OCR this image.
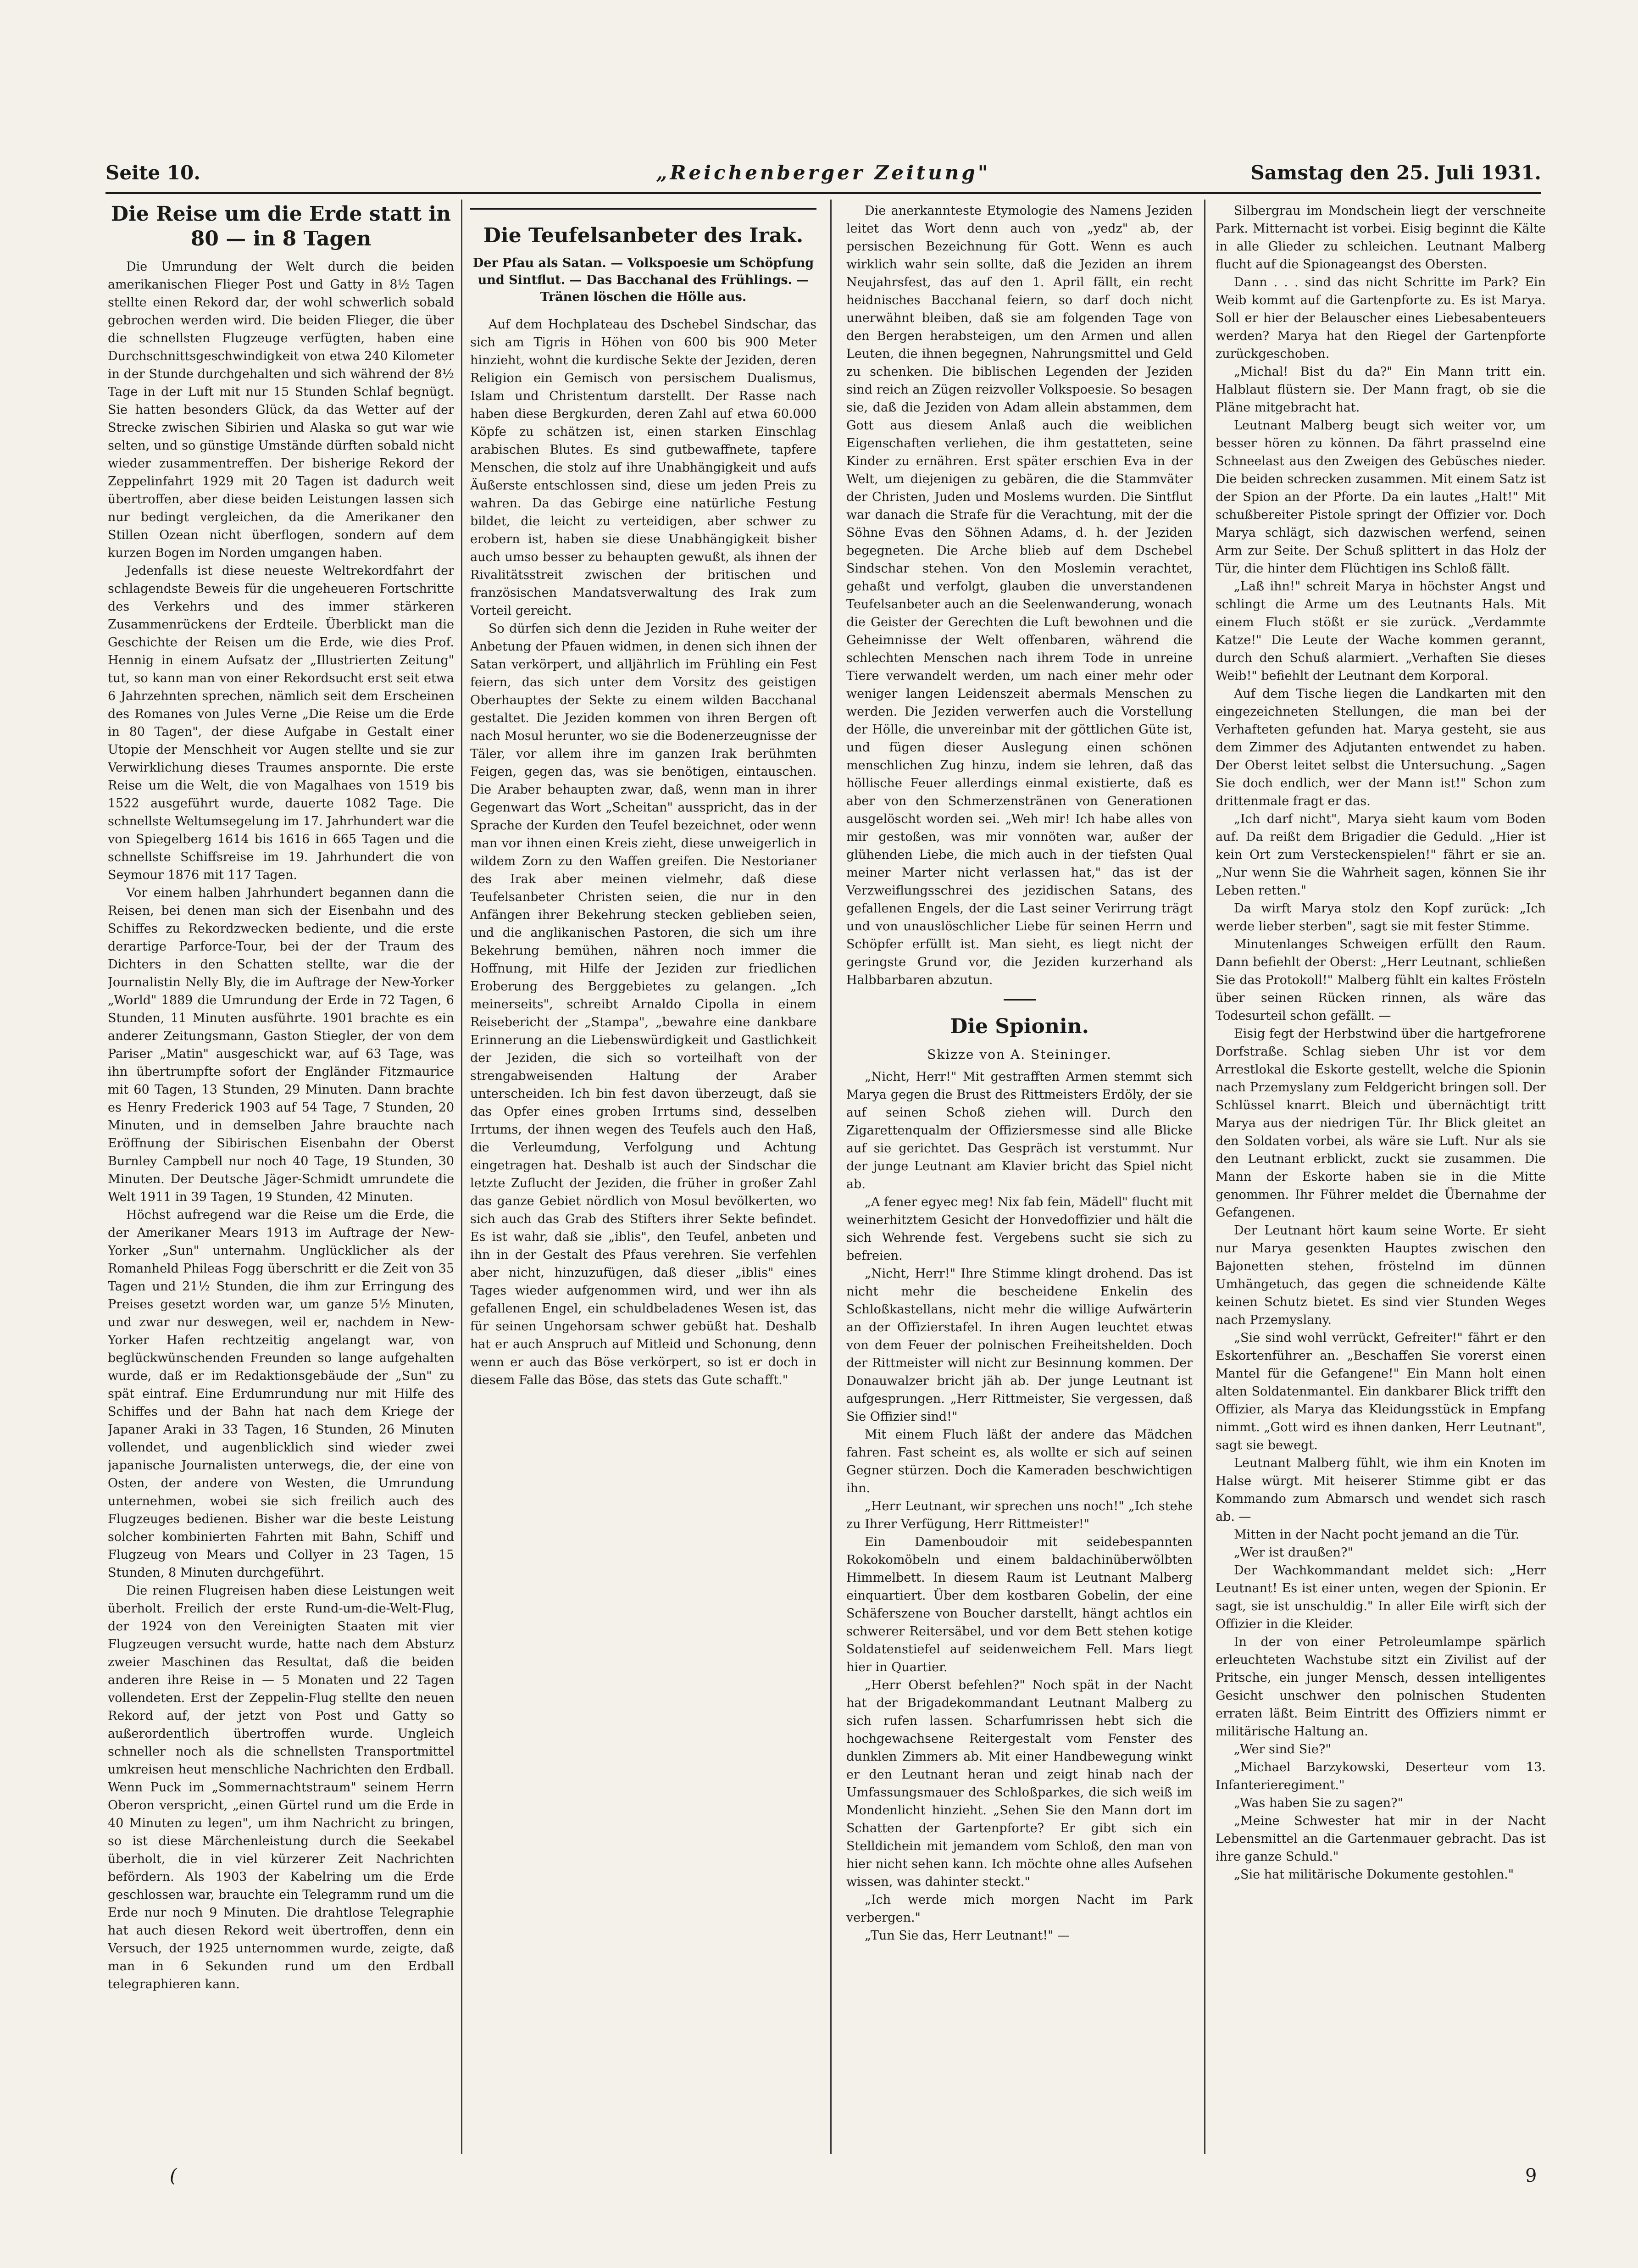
Seite 10.	„Reichenberger Zeitung"	Samstag den 25. Juli 1931.
Die Reise um die Erde statt in 80 — in 8 Tagen

Die Umrundung der Welt durch die beiden amerikanischen Flieger Post und Gatty in 8½ Tagen stellte einen Rekord dar, der wohl schwerlich sobald gebrochen werden wird. Die beiden Flieger, die über die schnellsten Flugzeuge verfügten, haben eine Durchschnittsgeschwindigkeit von etwa 240 Kilometer in der Stunde durchgehalten und sich während der 8½ Tage in der Luft mit nur 15 Stunden Schlaf begnügt. Sie hatten besonders Glück, da das Wetter auf der Strecke zwischen Sibirien und Alaska so gut war wie selten, und so günstige Umstände dürften sobald nicht wieder zusammentreffen. Der bisherige Rekord der Zeppelinfahrt 1929 mit 20 Tagen ist dadurch weit übertroffen, aber diese beiden Leistungen lassen sich nur bedingt vergleichen, da die Amerikaner den Stillen Ozean nicht überflogen, sondern auf dem kurzen Bogen im Norden umgangen haben.

Jedenfalls ist diese neueste Weltrekordfahrt der schlagendste Beweis für die ungeheueren Fortschritte des Verkehrs und des immer stärkeren Zusammenrückens der Erdteile. Überblickt man die Geschichte der Reisen um die Erde, wie dies Prof. Hennig in einem Aufsatz der „Illustrierten Zeitung" tut, so kann man von einer Rekordsucht erst seit etwa 6 Jahrzehnten sprechen, nämlich seit dem Erscheinen des Romanes von Jules Verne „Die Reise um die Erde in 80 Tagen", der diese Aufgabe in Gestalt einer Utopie der Menschheit vor Augen stellte und sie zur Verwirklichung dieses Traumes anspornte. Die erste Reise um die Welt, die von Magalhaes von 1519 bis 1522 ausgeführt wurde, dauerte 1082 Tage. Die schnellste Weltumsegelung im 17. Jahrhundert war die von Spiegelberg 1614 bis 1616 in 665 Tagen und die schnellste Schiffsreise im 19. Jahrhundert die von Seymour 1876 mit 117 Tagen.

Vor einem halben Jahrhundert begannen dann die Reisen, bei denen man sich der Eisenbahn und des Schiffes zu Rekordzwecken bediente, und die erste derartige Parforce-Tour, bei der der Traum des Dichters in den Schatten stellte, war die der Journalistin Nelly Bly, die im Auftrage der New-Yorker „World" 1889 die Umrundung der Erde in 72 Tagen, 6 Stunden, 11 Minuten ausführte. 1901 brachte es ein anderer Zeitungsmann, Gaston Stiegler, der von dem Pariser „Matin" ausgeschickt war, auf 63 Tage, was ihn übertrumpfte sofort der Engländer Fitzmaurice mit 60 Tagen, 13 Stunden, 29 Minuten. Dann brachte es Henry Frederick 1903 auf 54 Tage, 7 Stunden, 20 Minuten, und in demselben Jahre brauchte nach Eröffnung der Sibirischen Eisenbahn der Oberst Burnley Campbell nur noch 40 Tage, 19 Stunden, 30 Minuten. Der Deutsche Jäger-Schmidt umrundete die Welt 1911 in 39 Tagen, 19 Stunden, 42 Minuten.

Höchst aufregend war die Reise um die Erde, die der Amerikaner Mears 1913 im Auftrage der New-Yorker „Sun" unternahm. Unglücklicher als der Romanheld Phileas Fogg überschritt er die Zeit von 35 Tagen und 21½ Stunden, die ihm zur Erringung des Preises gesetzt worden war, um ganze 5½ Minuten, und zwar nur deswegen, weil er, nachdem in New-Yorker Hafen rechtzeitig angelangt war, von beglückwünschenden Freunden so lange aufgehalten wurde, daß er im Redaktionsgebäude der „Sun" zu spät eintraf. Eine Erdumrundung nur mit Hilfe des Schiffes und der Bahn hat nach dem Kriege der Japaner Araki in 33 Tagen, 16 Stunden, 26 Minuten vollendet, und augenblicklich sind wieder zwei japanische Journalisten unterwegs, die, der eine von Osten, der andere von Westen, die Umrundung unternehmen, wobei sie sich freilich auch des Flugzeuges bedienen. Bisher war die beste Leistung solcher kombinierten Fahrten mit Bahn, Schiff und Flugzeug von Mears und Collyer in 23 Tagen, 15 Stunden, 8 Minuten durchgeführt.

Die reinen Flugreisen haben diese Leistungen weit überholt. Freilich der erste Rund-um-die-Welt-Flug, der 1924 von den Vereinigten Staaten mit vier Flugzeugen versucht wurde, hatte nach dem Absturz zweier Maschinen das Resultat, daß die beiden anderen ihre Reise in — 5 Monaten und 22 Tagen vollendeten. Erst der Zeppelin-Flug stellte den neuen Rekord auf, der jetzt von Post und Gatty so außerordentlich übertroffen wurde. Ungleich schneller noch als die schnellsten Transportmittel umkreisen heut menschliche Nachrichten den Erdball. Wenn Puck im „Sommernachtstraum" seinem Herrn Oberon verspricht, „einen Gürtel rund um die Erde in 40 Minuten zu legen", um ihm Nachricht zu bringen, so ist diese Märchenleistung durch die Seekabel überholt, die in viel kürzerer Zeit Nachrichten befördern. Als 1903 der Kabelring um die Erde geschlossen war, brauchte ein Telegramm rund um die Erde nur noch 9 Minuten. Die drahtlose Telegraphie hat auch diesen Rekord weit übertroffen, denn ein Versuch, der 1925 unternommen wurde, zeigte, daß man in 6 Sekunden rund um den Erdball telegraphieren kann.

Die Teufelsanbeter des Irak.
Der Pfau als Satan. — Volkspoesie um Schöpfung und Sintflut. — Das Bacchanal des Frühlings. — Tränen löschen die Hölle aus.

Auf dem Hochplateau des Dschebel Sindschar, das sich am Tigris in Höhen von 600 bis 900 Meter hinzieht, wohnt die kurdische Sekte der Jeziden, deren Religion ein Gemisch von persischem Dualismus, Islam und Christentum darstellt. Der Rasse nach haben diese Bergkurden, deren Zahl auf etwa 60.000 Köpfe zu schätzen ist, einen starken Einschlag arabischen Blutes. Es sind gutbewaffnete, tapfere Menschen, die stolz auf ihre Unabhängigkeit und aufs Äußerste entschlossen sind, diese um jeden Preis zu wahren. Da das Gebirge eine natürliche Festung bildet, die leicht zu verteidigen, aber schwer zu erobern ist, haben sie diese Unabhängigkeit bisher auch umso besser zu behaupten gewußt, als ihnen der Rivalitätsstreit zwischen der britischen und französischen Mandatsverwaltung des Irak zum Vorteil gereicht.

So dürfen sich denn die Jeziden in Ruhe weiter der Anbetung der Pfauen widmen, in denen sich ihnen der Satan verkörpert, und alljährlich im Frühling ein Fest feiern, das sich unter dem Vorsitz des geistigen Oberhauptes der Sekte zu einem wilden Bacchanal gestaltet. Die Jeziden kommen von ihren Bergen oft nach Mosul herunter, wo sie die Bodenerzeugnisse der Täler, vor allem ihre im ganzen Irak berühmten Feigen, gegen das, was sie benötigen, eintauschen. Die Araber behaupten zwar, daß, wenn man in ihrer Gegenwart das Wort „Scheitan" ausspricht, das in der Sprache der Kurden den Teufel bezeichnet, oder wenn man vor ihnen einen Kreis zieht, diese unweigerlich in wildem Zorn zu den Waffen greifen. Die Nestorianer des Irak aber meinen vielmehr, daß diese Teufelsanbeter Christen seien, die nur in den Anfängen ihrer Bekehrung stecken geblieben seien, und die anglikanischen Pastoren, die sich um ihre Bekehrung bemühen, nähren noch immer die Hoffnung, mit Hilfe der Jeziden zur friedlichen Eroberung des Berggebietes zu gelangen. „Ich meinerseits", schreibt Arnaldo Cipolla in einem Reisebericht der „Stampa", „bewahre eine dankbare Erinnerung an die Liebenswürdigkeit und Gastlichkeit der Jeziden, die sich so vorteilhaft von der strengabweisenden Haltung der Araber unterscheiden. Ich bin fest davon überzeugt, daß sie das Opfer eines groben Irrtums sind, desselben Irrtums, der ihnen wegen des Teufels auch den Haß, die Verleumdung, Verfolgung und Achtung eingetragen hat. Deshalb ist auch der Sindschar die letzte Zuflucht der Jeziden, die früher in großer Zahl das ganze Gebiet nördlich von Mosul bevölkerten, wo sich auch das Grab des Stifters ihrer Sekte befindet. Es ist wahr, daß sie „iblis", den Teufel, anbeten und ihn in der Gestalt des Pfaus verehren. Sie verfehlen aber nicht, hinzuzufügen, daß dieser „iblis" eines Tages wieder aufgenommen wird, und wer ihn als gefallenen Engel, ein schuldbeladenes Wesen ist, das für seinen Ungehorsam schwer gebüßt hat. Deshalb hat er auch Anspruch auf Mitleid und Schonung, denn wenn er auch das Böse verkörpert, so ist er doch in diesem Falle das Böse, das stets das Gute schafft."

Die anerkannteste Etymologie des Namens Jeziden leitet das Wort denn auch von „yedz" ab, der persischen Bezeichnung für Gott. Wenn es auch wirklich wahr sein sollte, daß die Jeziden an ihrem Neujahrsfest, das auf den 1. April fällt, ein recht heidnisches Bacchanal feiern, so darf doch nicht unerwähnt bleiben, daß sie am folgenden Tage von den Bergen herabsteigen, um den Armen und allen Leuten, die ihnen begegnen, Nahrungsmittel und Geld zu schenken. Die biblischen Legenden der Jeziden sind reich an Zügen reizvoller Volkspoesie. So besagen sie, daß die Jeziden von Adam allein abstammen, dem Gott aus diesem Anlaß auch die weiblichen Eigenschaften verliehen, die ihm gestatteten, seine Kinder zu ernähren. Erst später erschien Eva in der Welt, um diejenigen zu gebären, die die Stammväter der Christen, Juden und Moslems wurden. Die Sintflut war danach die Strafe für die Verachtung, mit der die Söhne Evas den Söhnen Adams, d. h. der Jeziden begegneten. Die Arche blieb auf dem Dschebel Sindschar stehen. Von den Moslemin verachtet, gehaßt und verfolgt, glauben die unverstandenen Teufelsanbeter auch an die Seelenwanderung, wonach die Geister der Gerechten die Luft bewohnen und die Geheimnisse der Welt offenbaren, während die schlechten Menschen nach ihrem Tode in unreine Tiere verwandelt werden, um nach einer mehr oder weniger langen Leidenszeit abermals Menschen zu werden. Die Jeziden verwerfen auch die Vorstellung der Hölle, die unvereinbar mit der göttlichen Güte ist, und fügen dieser Auslegung einen schönen menschlichen Zug hinzu, indem sie lehren, daß das höllische Feuer allerdings einmal existierte, daß es aber von den Schmerzenstränen von Generationen ausgelöscht worden sei. „Weh mir! Ich habe alles von mir gestoßen, was mir vonnöten war, außer der glühenden Liebe, die mich auch in der tiefsten Qual meiner Marter nicht verlassen hat," das ist der Verzweiflungsschrei des jezidischen Satans, des gefallenen Engels, der die Last seiner Verirrung trägt und von unauslöschlicher Liebe für seinen Herrn und Schöpfer erfüllt ist. Man sieht, es liegt nicht der geringste Grund vor, die Jeziden kurzerhand als Halbbarbaren abzutun.

Die Spionin.
Skizze von A. Steininger.

„Nicht, Herr!" Mit gestrafften Armen stemmt sich Marya gegen die Brust des Rittmeisters Erdöly, der sie auf seinen Schoß ziehen will. Durch den Zigarettenqualm der Offiziersmesse sind alle Blicke auf sie gerichtet. Das Gespräch ist verstummt. Nur der junge Leutnant am Klavier bricht das Spiel nicht ab.

„A fener egyec meg! Nix fab fein, Mädell" flucht mit weinerhitztem Gesicht der Honvedoffizier und hält die sich Wehrende fest. Vergebens sucht sie sich zu befreien.

„Nicht, Herr!" Ihre Stimme klingt drohend. Das ist nicht mehr die bescheidene Enkelin des Schloßkastellans, nicht mehr die willige Aufwärterin an der Offizierstafel. In ihren Augen leuchtet etwas von dem Feuer der polnischen Freiheitshelden. Doch der Rittmeister will nicht zur Besinnung kommen. Der Donauwalzer bricht jäh ab. Der junge Leutnant ist aufgesprungen. „Herr Rittmeister, Sie vergessen, daß Sie Offizier sind!"

Mit einem Fluch läßt der andere das Mädchen fahren. Fast scheint es, als wollte er sich auf seinen Gegner stürzen. Doch die Kameraden beschwichtigen ihn.

„Herr Leutnant, wir sprechen uns noch!" „Ich stehe zu Ihrer Verfügung, Herr Rittmeister!"

Ein Damenboudoir mit seidebespannten Rokokomöbeln und einem baldachinüberwölbten Himmelbett. In diesem Raum ist Leutnant Malberg einquartiert. Über dem kostbaren Gobelin, der eine Schäferszene von Boucher darstellt, hängt achtlos ein schwerer Reitersäbel, und vor dem Bett stehen kotige Soldatenstiefel auf seidenweichem Fell. Mars liegt hier in Quartier.

„Herr Oberst befehlen?" Noch spät in der Nacht hat der Brigadekommandant Leutnant Malberg zu sich rufen lassen. Scharfumrissen hebt sich die hochgewachsene Reitergestalt vom Fenster des dunklen Zimmers ab. Mit einer Handbewegung winkt er den Leutnant heran und zeigt hinab nach der Umfassungsmauer des Schloßparkes, die sich weiß im Mondenlicht hinzieht. „Sehen Sie den Mann dort im Schatten der Gartenpforte? Er gibt sich ein Stelldichein mit jemandem vom Schloß, den man von hier nicht sehen kann. Ich möchte ohne alles Aufsehen wissen, was dahinter steckt."

„Ich werde mich morgen Nacht im Park verbergen."

„Tun Sie das, Herr Leutnant!" —

Silbergrau im Mondschein liegt der verschneite Park. Mitternacht ist vorbei. Eisig beginnt die Kälte in alle Glieder zu schleichen. Leutnant Malberg flucht auf die Spionageangst des Obersten.

Dann . . . sind das nicht Schritte im Park? Ein Weib kommt auf die Gartenpforte zu. Es ist Marya. Soll er hier der Belauscher eines Liebesabenteuers werden? Marya hat den Riegel der Gartenpforte zurückgeschoben.

„Michal! Bist du da?" Ein Mann tritt ein. Halblaut flüstern sie. Der Mann fragt, ob sie die Pläne mitgebracht hat.

Leutnant Malberg beugt sich weiter vor, um besser hören zu können. Da fährt prasselnd eine Schneelast aus den Zweigen des Gebüsches nieder. Die beiden schrecken zusammen. Mit einem Satz ist der Spion an der Pforte. Da ein lautes „Halt!" Mit schußbereiter Pistole springt der Offizier vor. Doch Marya schlägt, sich dazwischen werfend, seinen Arm zur Seite. Der Schuß splittert in das Holz der Tür, die hinter dem Flüchtigen ins Schloß fällt.

„Laß ihn!" schreit Marya in höchster Angst und schlingt die Arme um des Leutnants Hals. Mit einem Fluch stößt er sie zurück. „Verdammte Katze!" Die Leute der Wache kommen gerannt, durch den Schuß alarmiert. „Verhaften Sie dieses Weib!" befiehlt der Leutnant dem Korporal.

Auf dem Tische liegen die Landkarten mit den eingezeichneten Stellungen, die man bei der Verhafteten gefunden hat. Marya gesteht, sie aus dem Zimmer des Adjutanten entwendet zu haben. Der Oberst leitet selbst die Untersuchung. „Sagen Sie doch endlich, wer der Mann ist!" Schon zum drittenmale fragt er das.

„Ich darf nicht", Marya sieht kaum vom Boden auf. Da reißt dem Brigadier die Geduld. „Hier ist kein Ort zum Versteckenspielen!" fährt er sie an. „Nur wenn Sie die Wahrheit sagen, können Sie ihr Leben retten."

Da wirft Marya stolz den Kopf zurück: „Ich werde lieber sterben", sagt sie mit fester Stimme.

Minutenlanges Schweigen erfüllt den Raum. Dann befiehlt der Oberst: „Herr Leutnant, schließen Sie das Protokoll!" Malberg fühlt ein kaltes Frösteln über seinen Rücken rinnen, als wäre das Todesurteil schon gefällt. —

Eisig fegt der Herbstwind über die hartgefrorene Dorfstraße. Schlag sieben Uhr ist vor dem Arrestlokal die Eskorte gestellt, welche die Spionin nach Przemyslany zum Feldgericht bringen soll. Der Schlüssel knarrt. Bleich und übernächtigt tritt Marya aus der niedrigen Tür. Ihr Blick gleitet an den Soldaten vorbei, als wäre sie Luft. Nur als sie den Leutnant erblickt, zuckt sie zusammen. Die Mann der Eskorte haben sie in die Mitte genommen. Ihr Führer meldet die Übernahme der Gefangenen.

Der Leutnant hört kaum seine Worte. Er sieht nur Marya gesenkten Hauptes zwischen den Bajonetten stehen, fröstelnd im dünnen Umhängetuch, das gegen die schneidende Kälte keinen Schutz bietet. Es sind vier Stunden Weges nach Przemyslany.

„Sie sind wohl verrückt, Gefreiter!" fährt er den Eskortenführer an. „Beschaffen Sie vorerst einen Mantel für die Gefangene!" Ein Mann holt einen alten Soldatenmantel. Ein dankbarer Blick trifft den Offizier, als Marya das Kleidungsstück in Empfang nimmt. „Gott wird es ihnen danken, Herr Leutnant", sagt sie bewegt.

Leutnant Malberg fühlt, wie ihm ein Knoten im Halse würgt. Mit heiserer Stimme gibt er das Kommando zum Abmarsch und wendet sich rasch ab. —

Mitten in der Nacht pocht jemand an die Tür.

„Wer ist draußen?"

Der Wachkommandant meldet sich: „Herr Leutnant! Es ist einer unten, wegen der Spionin. Er sagt, sie ist unschuldig." In aller Eile wirft sich der Offizier in die Kleider.

In der von einer Petroleumlampe spärlich erleuchteten Wachstube sitzt ein Zivilist auf der Pritsche, ein junger Mensch, dessen intelligentes Gesicht unschwer den polnischen Studenten erraten läßt. Beim Eintritt des Offiziers nimmt er militärische Haltung an.

„Wer sind Sie?"

„Michael Barzykowski, Deserteur vom 13. Infanterieregiment."

„Was haben Sie zu sagen?"

„Meine Schwester hat mir in der Nacht Lebensmittel an die Gartenmauer gebracht. Das ist ihre ganze Schuld."

„Sie hat militärische Dokumente gestohlen."

(	9
